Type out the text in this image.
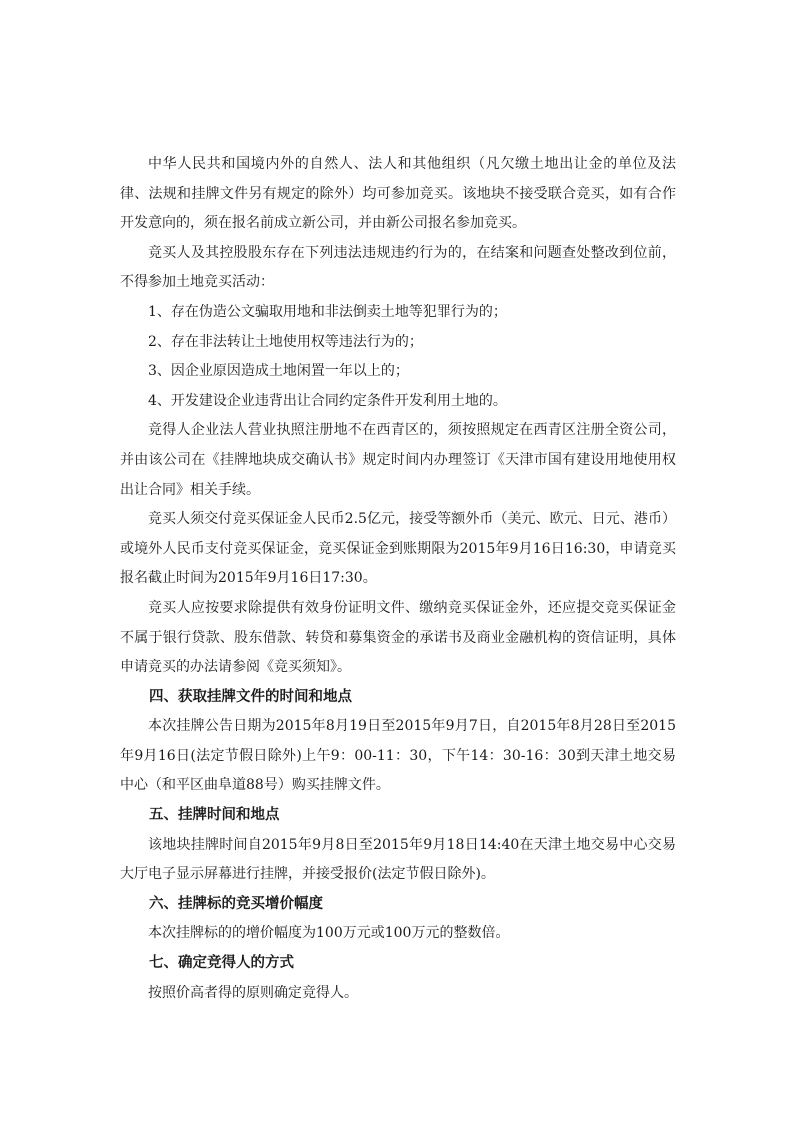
中华人民共和国境内外的自然人、法人和其他组织（凡欠缴土地出让金的单位及法律、法规和挂牌文件另有规定的除外）均可参加竞买。该地块不接受联合竞买，如有合作开发意向的，须在报名前成立新公司，并由新公司报名参加竞买。

竞买人及其控股股东存在下列违法违规违约行为的，在结案和问题查处整改到位前，不得参加土地竞买活动：

1、存在伪造公文骗取用地和非法倒卖土地等犯罪行为的；

2、存在非法转让土地使用权等违法行为的；

3、因企业原因造成土地闲置一年以上的；

4、开发建设企业违背出让合同约定条件开发利用土地的。

竞得人企业法人营业执照注册地不在西青区的，须按照规定在西青区注册全资公司，并由该公司在《挂牌地块成交确认书》规定时间内办理签订《天津市国有建设用地使用权出让合同》相关手续。

竞买人须交付竞买保证金人民币2.5亿元，接受等额外币（美元、欧元、日元、港币）或境外人民币支付竞买保证金，竞买保证金到账期限为2015年9月16日16:30，申请竞买报名截止时间为2015年9月16日17:30。

竞买人应按要求除提供有效身份证明文件、缴纳竞买保证金外，还应提交竞买保证金不属于银行贷款、股东借款、转贷和募集资金的承诺书及商业金融机构的资信证明，具体申请竞买的办法请参阅《竞买须知》。

四、获取挂牌文件的时间和地点

本次挂牌公告日期为2015年8月19日至2015年9月7日，自2015年8月28日至2015年9月16日(法定节假日除外)上午9：00-11：30，下午14：30-16：30到天津土地交易中心（和平区曲阜道88号）购买挂牌文件。

五、挂牌时间和地点

该地块挂牌时间自2015年9月8日至2015年9月18日14:40在天津土地交易中心交易大厅电子显示屏幕进行挂牌，并接受报价(法定节假日除外)。

六、挂牌标的竞买增价幅度

本次挂牌标的的增价幅度为100万元或100万元的整数倍。

七、确定竞得人的方式

按照价高者得的原则确定竞得人。
